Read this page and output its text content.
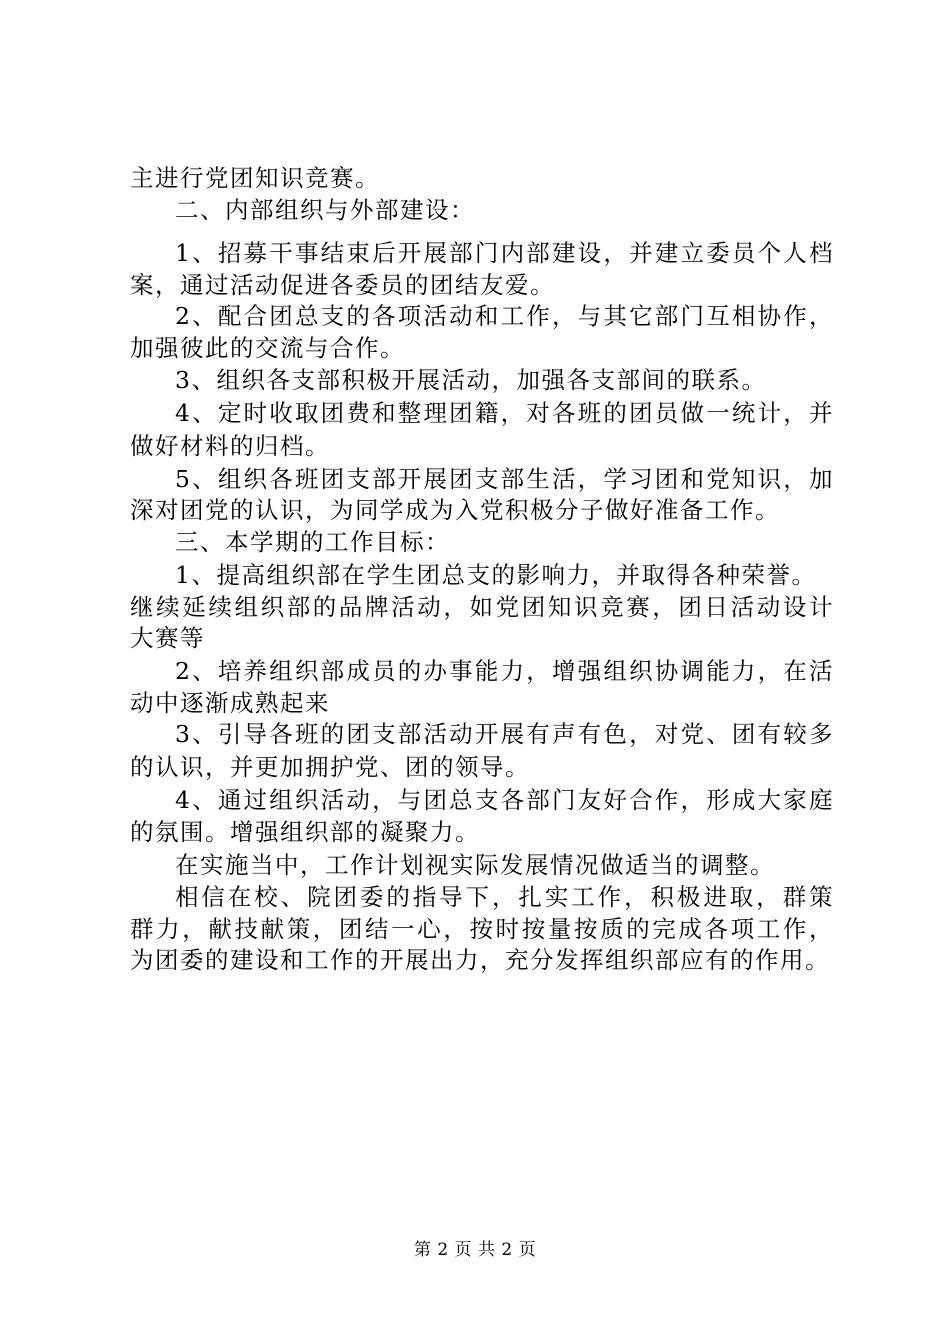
主进行党团知识竞赛。
二、内部组织与外部建设：
1、招募干事结束后开展部门内部建设，并建立委员个人档
案，通过活动促进各委员的团结友爱。
2、配合团总支的各项活动和工作，与其它部门互相协作，
加强彼此的交流与合作。
3、组织各支部积极开展活动，加强各支部间的联系。
4、定时收取团费和整理团籍，对各班的团员做一统计，并
做好材料的归档。
5、组织各班团支部开展团支部生活，学习团和党知识，加
深对团党的认识，为同学成为入党积极分子做好准备工作。
三、本学期的工作目标：
1、提高组织部在学生团总支的影响力，并取得各种荣誉。
继续延续组织部的品牌活动，如党团知识竞赛，团日活动设计
大赛等
2、培养组织部成员的办事能力，增强组织协调能力，在活
动中逐渐成熟起来
3、引导各班的团支部活动开展有声有色，对党、团有较多
的认识，并更加拥护党、团的领导。
4、通过组织活动，与团总支各部门友好合作，形成大家庭
的氛围。增强组织部的凝聚力。
在实施当中，工作计划视实际发展情况做适当的调整。
相信在校、院团委的指导下，扎实工作，积极进取，群策
群力，献技献策，团结一心，按时按量按质的完成各项工作，
为团委的建设和工作的开展出力，充分发挥组织部应有的作用。
第 2 页 共 2 页
